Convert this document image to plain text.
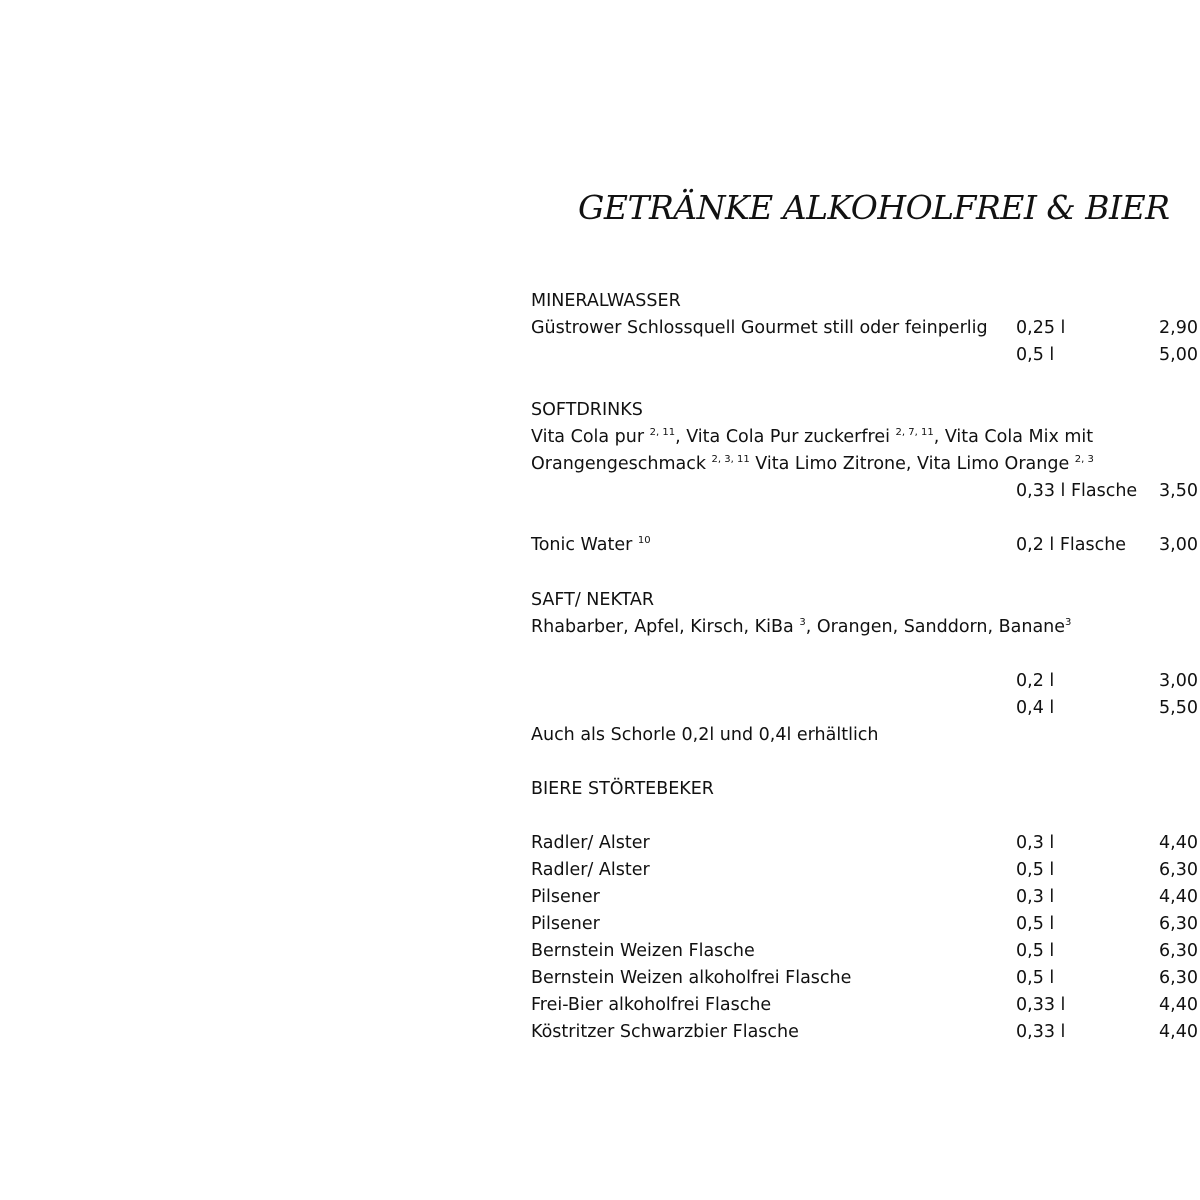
GETRÄNKE ALKOHOLFREI & BIER
MINERALWASSER
Güstrower Schlossquell Gourmet still oder feinperlig 0,25 l	2,90
0,5 l	5,00
SOFTDRINKS
Vita Cola pur $^{2, 11}$, Vita Cola Pur zuckerfrei $^{2, 7, 11}$, Vita Cola Mix mit
Orangengeschmack $^{2, 3, 11}$ Vita Limo Zitrone, Vita Limo Orange $^{2, 3}$
0,33 l Flasche 3,50
Tonic Water $^{10}$	0,2 l Flasche 3,00
SAFT/ NEKTAR
Rhabarber, Apfel, Kirsch, KiBa $^3$, Orangen, Sanddorn, Banane$^3$
0,2 l	3,00
0,4 l	5,50
Auch als Schorle 0,2l und 0,4l erhältlich
BIERE STÖRTEBEKER
Radler/ Alster	0,3 l	4,40
Radler/ Alster	0,5 l	6,30
Pilsener	0,3 l	4,40
Pilsener	0,5 l	6,30
Bernstein Weizen Flasche	0,5 l	6,30
Bernstein Weizen alkoholfrei Flasche	0,5 l	6,30
Frei-Bier alkoholfrei Flasche	0,33 l	4,40
Köstritzer Schwarzbier Flasche	0,33 l	4,40
